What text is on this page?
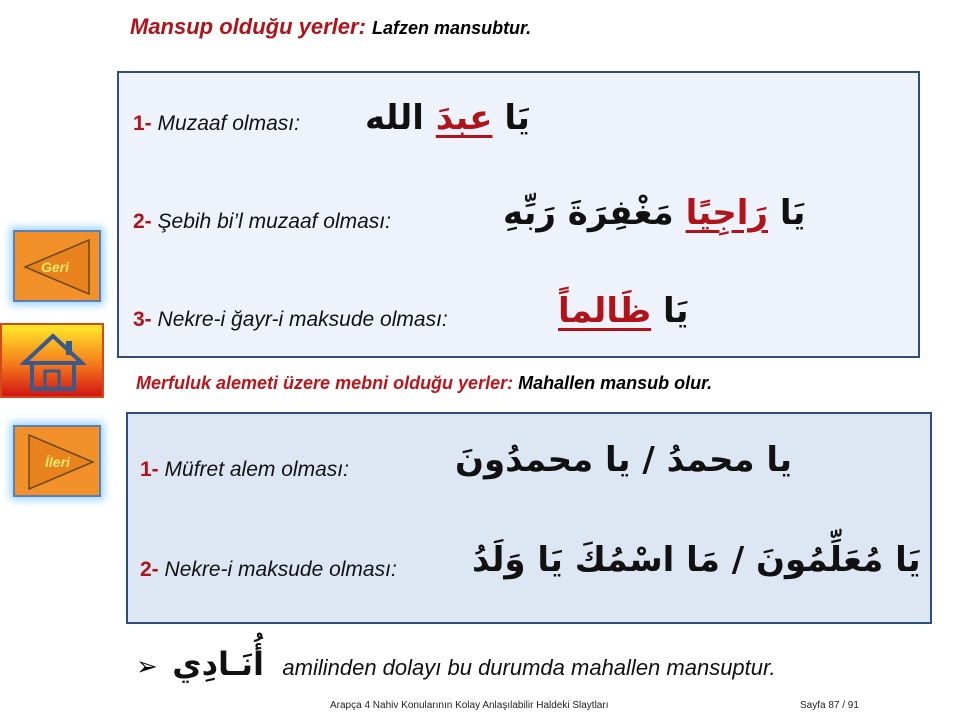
Mansup olduğu yerler: Lafzen mansubtur.
1- Muzaaf olması:	يَا عبدَ الله
2- Şebih bi’l muzaaf olması:	يَا رَاجِيًا مَغْفِرَةَ رَبِّهِ
3- Nekre-i ğayr-i maksude olması:	يَا ظَالماً
Merfuluk alemeti üzere mebni olduğu yerler: Mahallen mansub olur.
1- Müfret alem olması:	يا محمدُ / يا محمدُونَ
2- Nekre-i maksude olması: يَا مُعَلِّمُونَ / مَا اسْمُكَ يَا وَلَدُ
➢ أُنَـادِي amilinden dolayı bu durumda mahallen mansuptur.
Geri
İleri
Arapça 4 Nahiv Konularının Kolay Anlaşılabilir Haldeki Slaytları	Sayfa 87 / 91
